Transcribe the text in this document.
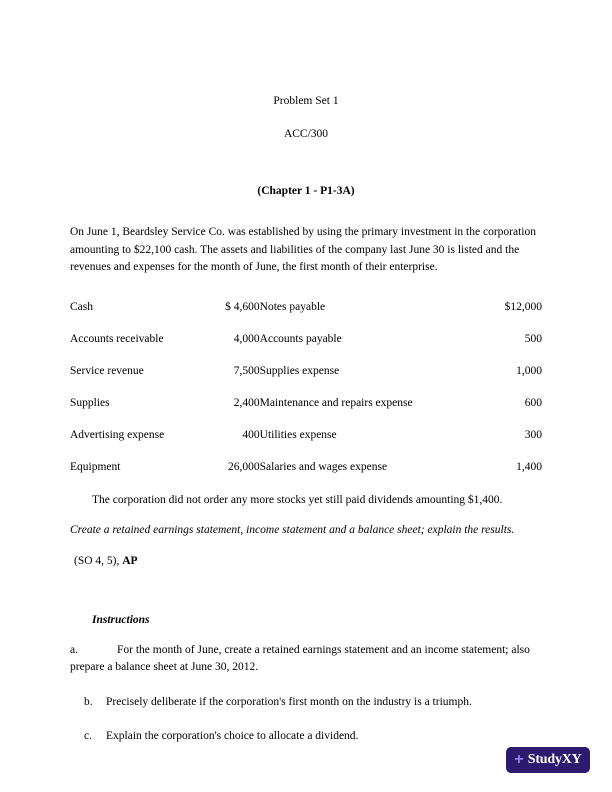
Problem Set 1
ACC/300
(Chapter 1 - P1-3A)
On June 1, Beardsley Service Co. was established by using the primary investment in the corporation amounting to $22,100 cash. The assets and liabilities of the company last June 30 is listed and the revenues and expenses for the month of June, the first month of their enterprise.
Cash	$ 4,600	Notes payable	$12,000
Accounts receivable	4,000	Accounts payable	500
Service revenue	7,500	Supplies expense	1,000
Supplies	2,400	Maintenance and repairs expense	600
Advertising expense	400	Utilities expense	300
Equipment	26,000	Salaries and wages expense	1,400
The corporation did not order any more stocks yet still paid dividends amounting $1,400.
Create a retained earnings statement, income statement and a balance sheet; explain the results.
(SO 4, 5), AP
Instructions
a.	For the month of June, create a retained earnings statement and an income statement; also prepare a balance sheet at June 30, 2012.
b. Precisely deliberate if the corporation's first month on the industry is a triumph.
c. Explain the corporation's choice to allocate a dividend.
+ StudyXY
